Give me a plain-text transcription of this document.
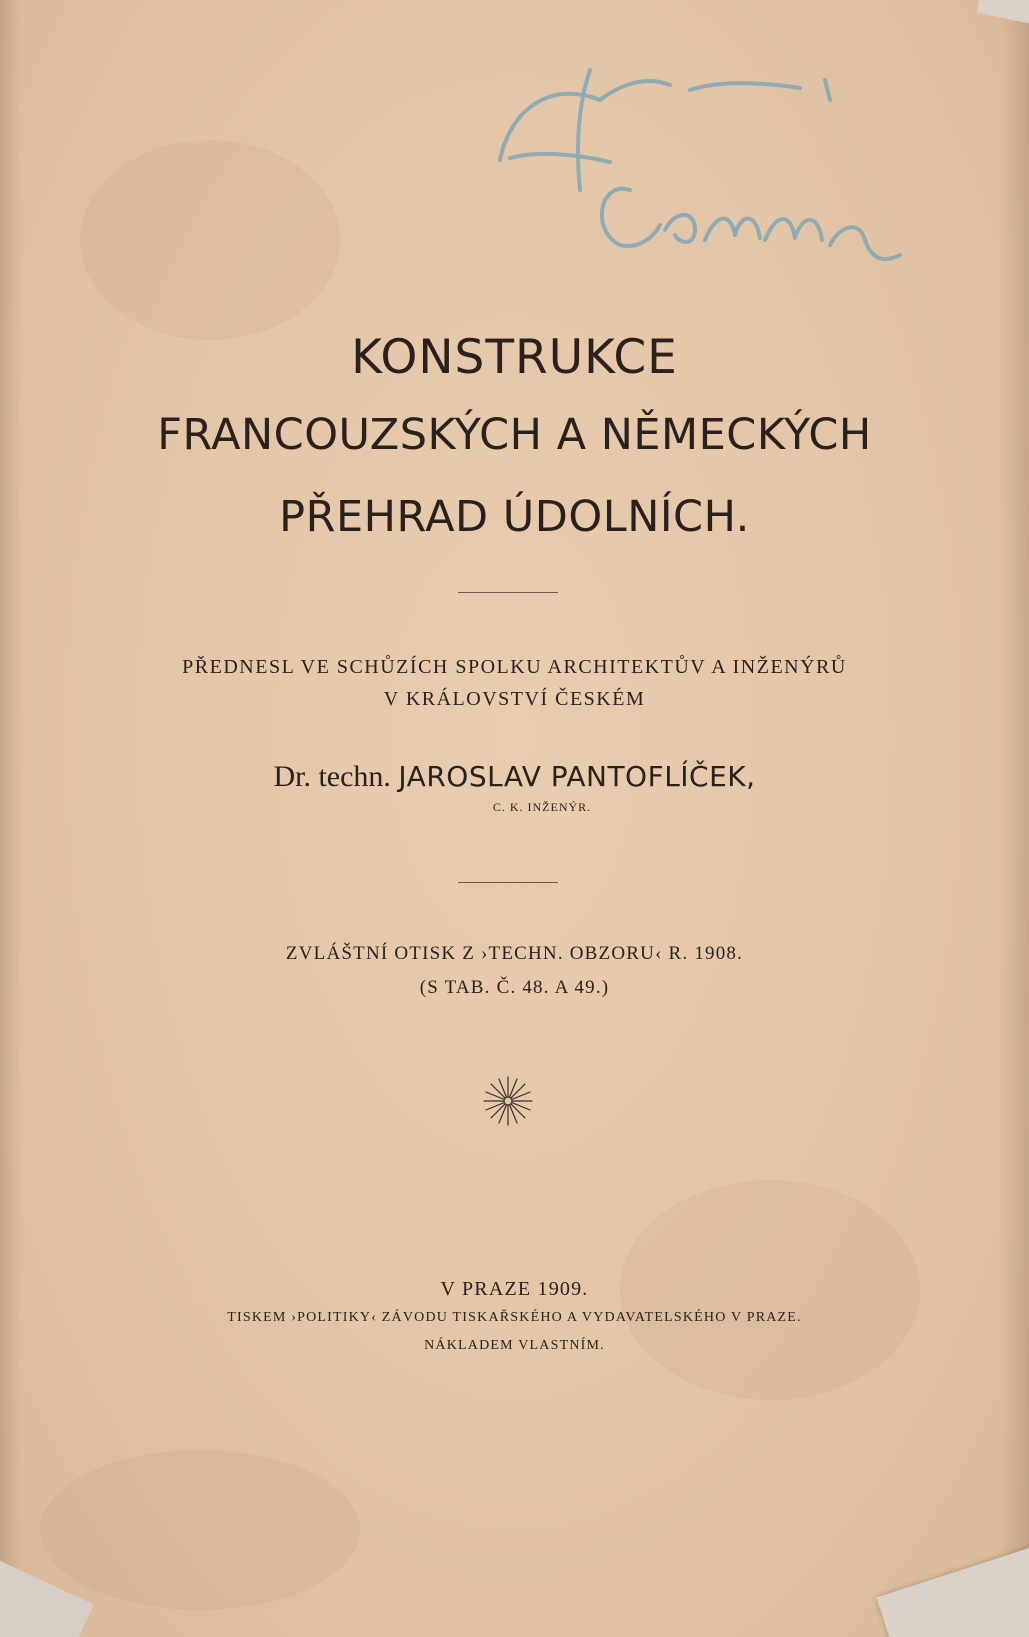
KONSTRUKCE
FRANCOUZSKÝCH A NĚMECKÝCH
PŘEHRAD ÚDOLNÍCH.
PŘEDNESL VE SCHŮZÍCH SPOLKU ARCHITEKTŮV A INŽENÝRŮ
V KRÁLOVSTVÍ ČESKÉM
Dr. techn. JAROSLAV PANTOFLÍČEK,
C. K. INŽENÝR.
ZVLÁŠTNÍ OTISK Z ›TECHN. OBZORU‹ R. 1908.
(S TAB. Č. 48. A 49.)
V PRAZE 1909.
TISKEM ›POLITIKY‹ ZÁVODU TISKAŘSKÉHO A VYDAVATELSKÉHO V PRAZE.
NÁKLADEM VLASTNÍM.
